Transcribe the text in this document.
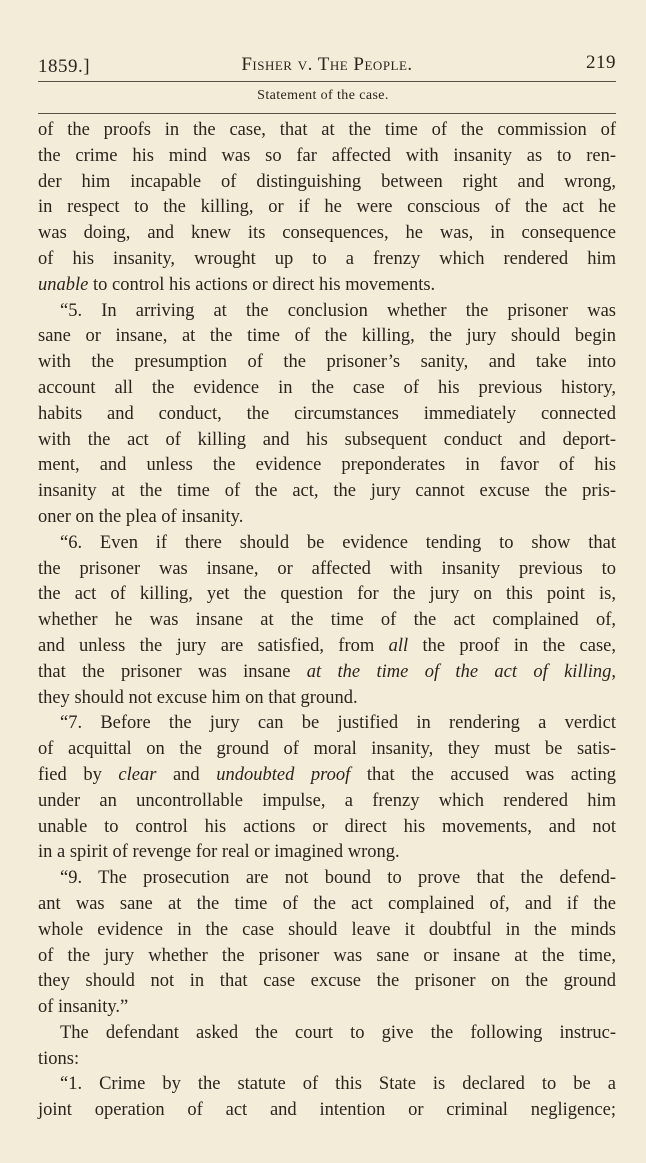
1859.]	Fisher v. The People.	219
Statement of the case.
of the proofs in the case, that at the time of the commission of
the crime his mind was so far affected with insanity as to ren-
der him incapable of distinguishing between right and wrong,
in respect to the killing, or if he were conscious of the act he
was doing, and knew its consequences, he was, in consequence
of his insanity, wrought up to a frenzy which rendered him
unable to control his actions or direct his movements.
“5. In arriving at the conclusion whether the prisoner was
sane or insane, at the time of the killing, the jury should begin
with the presumption of the prisoner’s sanity, and take into
account all the evidence in the case of his previous history,
habits and conduct, the circumstances immediately connected
with the act of killing and his subsequent conduct and deport-
ment, and unless the evidence preponderates in favor of his
insanity at the time of the act, the jury cannot excuse the pris-
oner on the plea of insanity.
“6. Even if there should be evidence tending to show that
the prisoner was insane, or affected with insanity previous to
the act of killing, yet the question for the jury on this point is,
whether he was insane at the time of the act complained of,
and unless the jury are satisfied, from all the proof in the case,
that the prisoner was insane at the time of the act of killing,
they should not excuse him on that ground.
“7. Before the jury can be justified in rendering a verdict
of acquittal on the ground of moral insanity, they must be satis-
fied by clear and undoubted proof that the accused was acting
under an uncontrollable impulse, a frenzy which rendered him
unable to control his actions or direct his movements, and not
in a spirit of revenge for real or imagined wrong.
“9. The prosecution are not bound to prove that the defend-
ant was sane at the time of the act complained of, and if the
whole evidence in the case should leave it doubtful in the minds
of the jury whether the prisoner was sane or insane at the time,
they should not in that case excuse the prisoner on the ground
of insanity.”
The defendant asked the court to give the following instruc-
tions:
“1. Crime by the statute of this State is declared to be a
joint operation of act and intention or criminal negligence;
